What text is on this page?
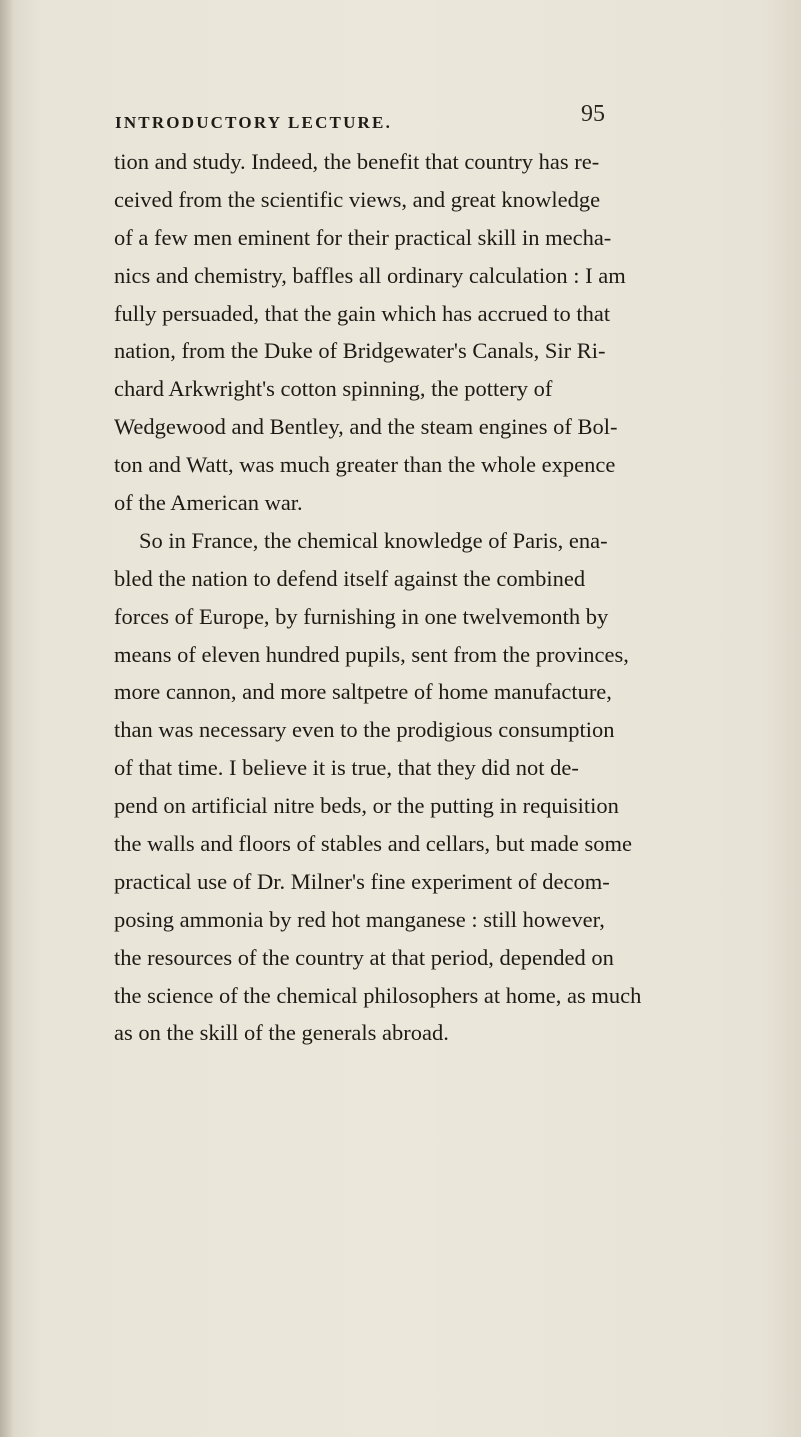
INTRODUCTORY LECTURE.	95
tion and study. Indeed, the benefit that country has re-
ceived from the scientific views, and great knowledge
of a few men eminent for their practical skill in mecha-
nics and chemistry, baffles all ordinary calculation : I am
fully persuaded, that the gain which has accrued to that
nation, from the Duke of Bridgewater's Canals, Sir Ri-
chard Arkwright's cotton spinning, the pottery of
Wedgewood and Bentley, and the steam engines of Bol-
ton and Watt, was much greater than the whole expence
of the American war.
So in France, the chemical knowledge of Paris, ena-
bled the nation to defend itself against the combined
forces of Europe, by furnishing in one twelvemonth by
means of eleven hundred pupils, sent from the provinces,
more cannon, and more saltpetre of home manufacture,
than was necessary even to the prodigious consumption
of that time. I believe it is true, that they did not de-
pend on artificial nitre beds, or the putting in requisition
the walls and floors of stables and cellars, but made some
practical use of Dr. Milner's fine experiment of decom-
posing ammonia by red hot manganese : still however,
the resources of the country at that period, depended on
the science of the chemical philosophers at home, as much
as on the skill of the generals abroad.
